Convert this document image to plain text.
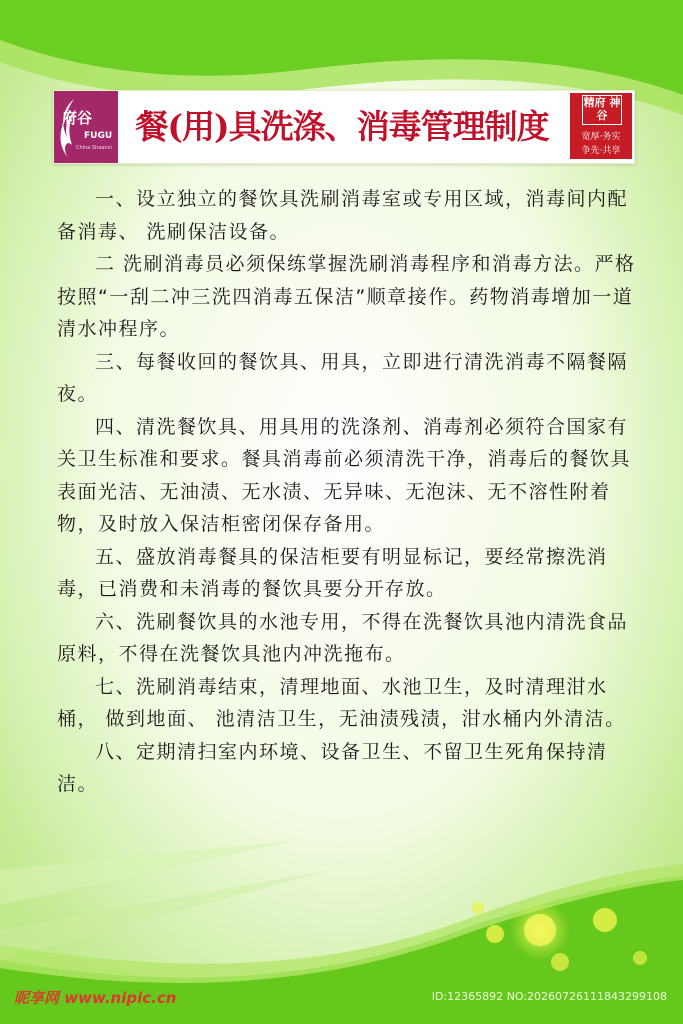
府谷
FUGU
China Shaanxi
餐(用)具洗涤、消毒管理制度
精府 神谷
宽厚·务实
争先·共享

一、设立独立的餐饮具洗刷消毒室或专用区域，消毒间内配备消毒、 洗刷保洁设备。

二 洗刷消毒员必须保练掌握洗刷消毒程序和消毒方法。严格按照“一刮二冲三洗四消毒五保洁”顺章接作。药物消毒增加一道清水冲程序。

三、每餐收回的餐饮具、用具，立即进行清洗消毒不隔餐隔夜。

四、清洗餐饮具、用具用的洗涤剂、消毒剂必须符合国家有关卫生标准和要求。餐具消毒前必须清洗干净，消毒后的餐饮具表面光洁、无油渍、无水渍、无异味、无泡沫、无不溶性附着物，及时放入保洁柜密闭保存备用。

五、盛放消毒餐具的保洁柜要有明显标记，要经常擦洗消毒，已消费和未消毒的餐饮具要分开存放。

六、洗刷餐饮具的水池专用，不得在洗餐饮具池内清洗食品原料，不得在洗餐饮具池内冲洗拖布。

七、洗刷消毒结束，清理地面、水池卫生，及时清理泔水桶， 做到地面、 池清洁卫生，无油渍残渍，泔水桶内外清洁。

八、定期清扫室内环境、设备卫生、不留卫生死角保持清洁。

昵享网 www.nipic.cn	ID:12365892 NO:20260726111843299108
